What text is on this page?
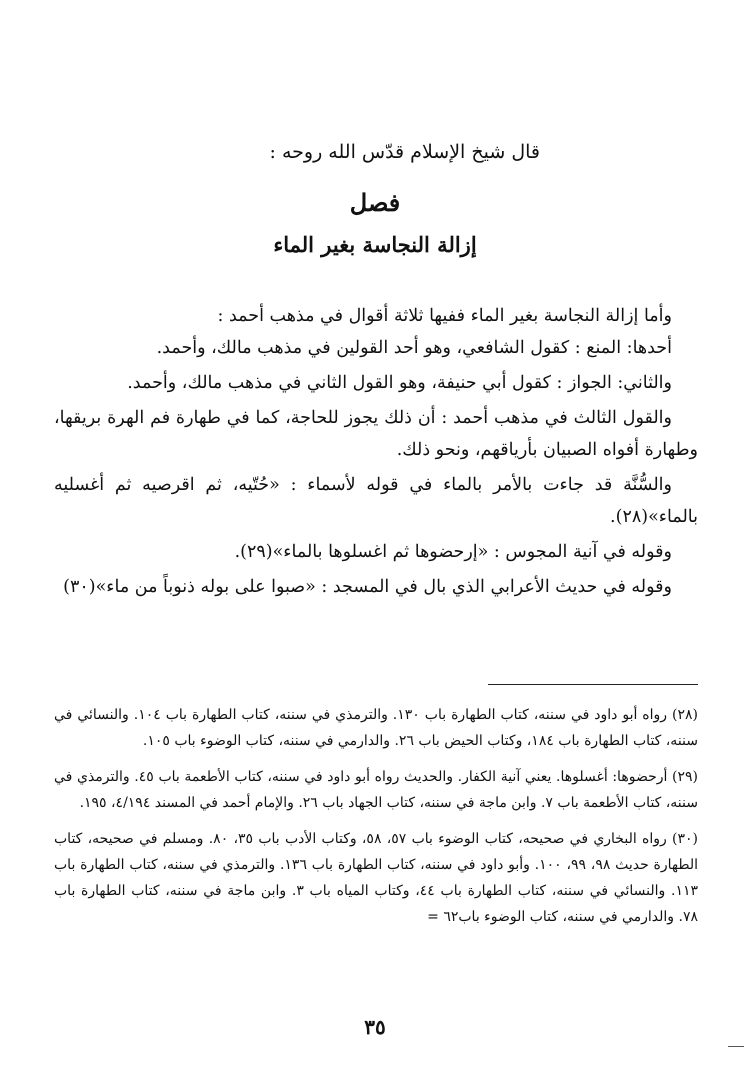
قال شيخ الإسلام قدّس الله روحه :
فصل
إزالة النجاسة بغير الماء

وأما إزالة النجاسة بغير الماء ففيها ثلاثة أقوال في مذهب أحمد :

أحدها: المنع : كقول الشافعي، وهو أحد القولين في مذهب مالك، وأحمد.

والثاني: الجواز : كقول أبي حنيفة، وهو القول الثاني في مذهب مالك، وأحمد.

والقول الثالث في مذهب أحمد : أن ذلك يجوز للحاجة، كما في طهارة فم الهرة بريقها، وطهارة أفواه الصبيان بأرياقهم، ونحو ذلك.

والسُّنَّة قد جاءت بالأمر بالماء في قوله لأسماء : «حُتّيه، ثم اقرصيه ثم أغسليه بالماء»(٢٨).

وقوله في آنية المجوس : «إرحضوها ثم اغسلوها بالماء»(٢٩).

وقوله في حديث الأعرابي الذي بال في المسجد : «صبوا على بوله ذنوباً من ماء»(٣٠)

(٢٨) رواه أبو داود في سننه، كتاب الطهارة باب ١٣٠. والترمذي في سننه، كتاب الطهارة باب ١٠٤. والنسائي في سننه، كتاب الطهارة باب ١٨٤، وكتاب الحيض باب ٢٦. والدارمي في سننه، كتاب الوضوء باب ١٠٥.

(٢٩) أرحضوها: أغسلوها. يعني آنية الكفار. والحديث رواه أبو داود في سننه، كتاب الأطعمة باب ٤٥. والترمذي في سننه، كتاب الأطعمة باب ٧. وابن ماجة في سننه، كتاب الجهاد باب ٢٦. والإمام أحمد في المسند ٤/١٩٤، ١٩٥.

(٣٠) رواه البخاري في صحيحه، كتاب الوضوء باب ٥٧، ٥٨، وكتاب الأدب باب ٣٥، ٨٠. ومسلم في صحيحه، كتاب الطهارة حديث ٩٨، ٩٩، ١٠٠. وأبو داود في سننه، كتاب الطهارة باب ١٣٦. والترمذي في سننه، كتاب الطهارة باب ١١٣. والنسائي في سننه، كتاب الطهارة باب ٤٤، وكتاب المياه باب ٣. وابن ماجة في سننه، كتاب الطهارة باب ٧٨. والدارمي في سننه، كتاب الوضوء باب٦٢ =

٣٥
